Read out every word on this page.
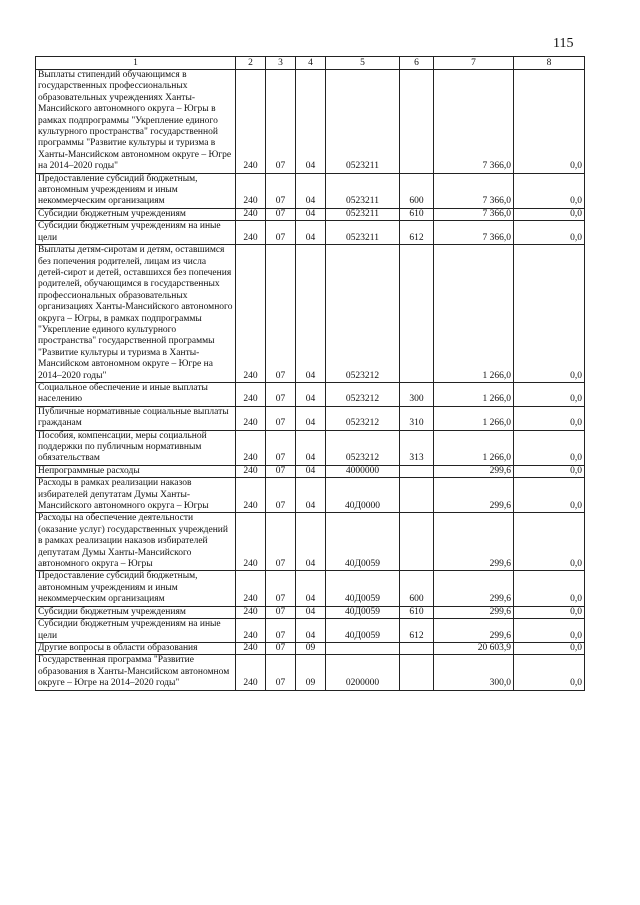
115
1	2	3	4	5	6	7	8
Выплаты стипендий обучающимся в государственных профессиональных образовательных учреждениях Ханты-Мансийского автономного округа – Югры в рамках подпрограммы "Укрепление единого культурного пространства" государственной программы "Развитие культуры и туризма в Ханты-Мансийском автономном округе – Югре на 2014–2020 годы"	240	07	04	0523211		7 366,0	0,0
Предоставление субсидий бюджетным, автономным учреждениям и иным некоммерческим организациям	240	07	04	0523211	600	7 366,0	0,0
Субсидии бюджетным учреждениям	240	07	04	0523211	610	7 366,0	0,0
Субсидии бюджетным учреждениям на иные цели	240	07	04	0523211	612	7 366,0	0,0
Выплаты детям-сиротам и детям, оставшимся без попечения родителей, лицам из числа детей-сирот и детей, оставшихся без попечения родителей, обучающимся в государственных профессиональных образовательных организациях Ханты-Мансийского автономного округа – Югры, в рамках подпрограммы "Укрепление единого культурного пространства" государственной программы "Развитие культуры и туризма в Ханты-Мансийском автономном округе – Югре на 2014–2020 годы"	240	07	04	0523212		1 266,0	0,0
Социальное обеспечение и иные выплаты населению	240	07	04	0523212	300	1 266,0	0,0
Публичные нормативные социальные выплаты гражданам	240	07	04	0523212	310	1 266,0	0,0
Пособия, компенсации, меры социальной поддержки по публичным нормативным обязательствам	240	07	04	0523212	313	1 266,0	0,0
Непрограммные расходы	240	07	04	4000000		299,6	0,0
Расходы в рамках реализации наказов избирателей депутатам Думы Ханты-Мансийского автономного округа – Югры	240	07	04	40Д0000		299,6	0,0
Расходы на обеспечение деятельности (оказание услуг) государственных учреждений в рамках реализации наказов избирателей депутатам Думы Ханты-Мансийского автономного округа – Югры	240	07	04	40Д0059		299,6	0,0
Предоставление субсидий бюджетным, автономным учреждениям и иным некоммерческим организациям	240	07	04	40Д0059	600	299,6	0,0
Субсидии бюджетным учреждениям	240	07	04	40Д0059	610	299,6	0,0
Субсидии бюджетным учреждениям на иные цели	240	07	04	40Д0059	612	299,6	0,0
Другие вопросы в области образования	240	07	09			20 603,9	0,0
Государственная программа "Развитие образования в Ханты-Мансийском автономном округе – Югре на 2014–2020 годы"	240	07	09	0200000		300,0	0,0
